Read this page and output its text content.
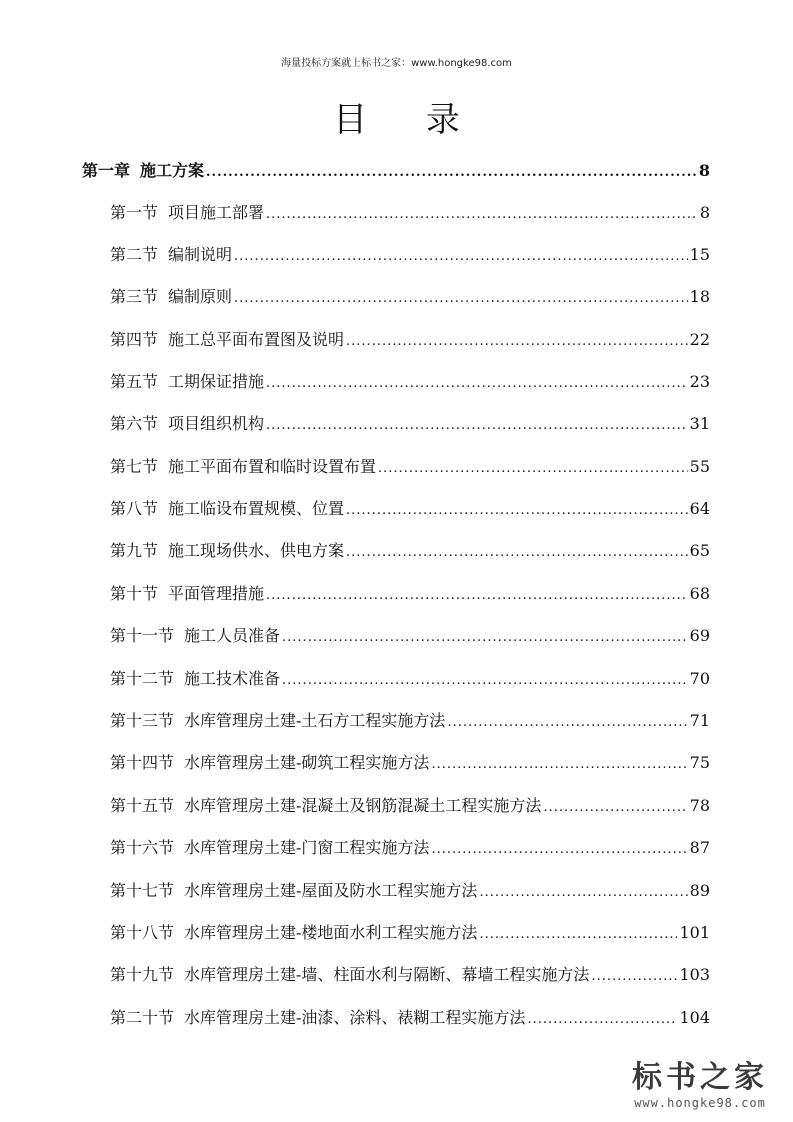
海量投标方案就上标书之家：www.hongke98.com
目 录
第一章 施工方案 .....	8
第一节 项目施工部署 .....	8
第二节 编制说明 .....	15
第三节 编制原则 .....	18
第四节 施工总平面布置图及说明 .....	22
第五节 工期保证措施 .....	23
第六节 项目组织机构 .....	31
第七节 施工平面布置和临时设置布置 .....	55
第八节 施工临设布置规模、位置 .....	64
第九节 施工现场供水、供电方案 .....	65
第十节 平面管理措施 .....	68
第十一节 施工人员准备 .....	69
第十二节 施工技术准备 .....	70
第十三节 水库管理房土建-土石方工程实施方法 .....	71
第十四节 水库管理房土建-砌筑工程实施方法 .....	75
第十五节 水库管理房土建-混凝土及钢筋混凝土工程实施方法 .....	78
第十六节 水库管理房土建-门窗工程实施方法 .....	87
第十七节 水库管理房土建-屋面及防水工程实施方法 .....	89
第十八节 水库管理房土建-楼地面水利工程实施方法 .....	101
第十九节 水库管理房土建-墙、柱面水利与隔断、幕墙工程实施方法 .....	103
第二十节 水库管理房土建-油漆、涂料、裱糊工程实施方法 .....	104
标书之家
www.hongke98.com
